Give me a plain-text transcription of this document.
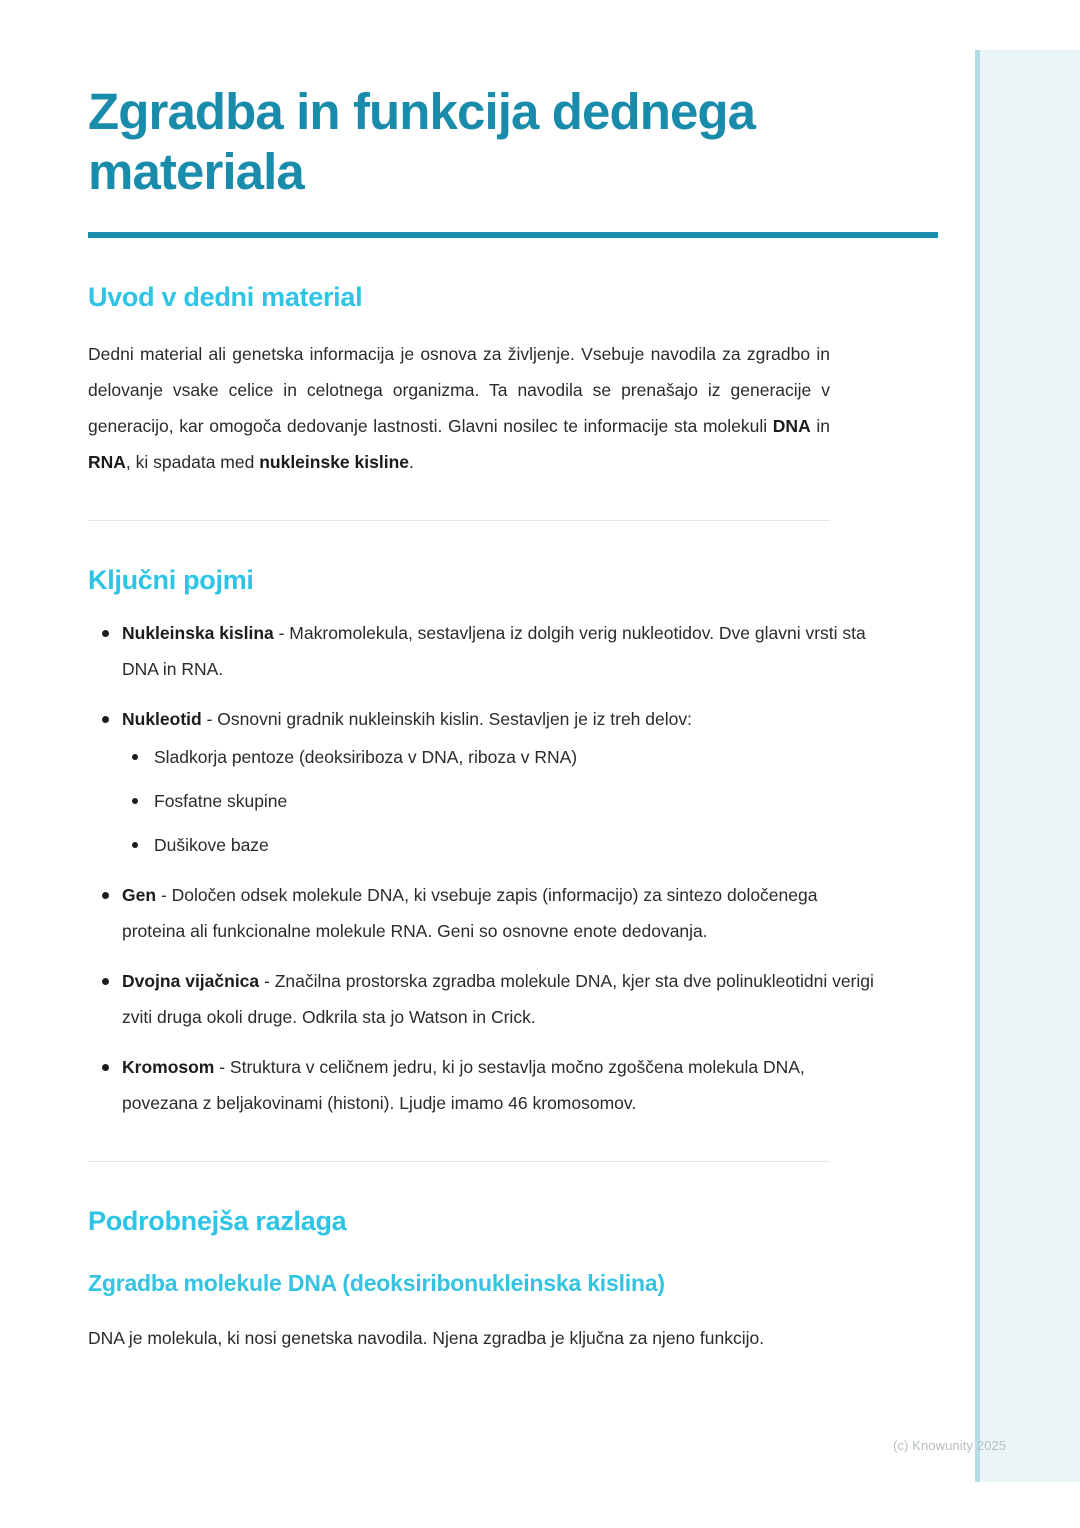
Zgradba in funkcija dednega materiala
Uvod v dedni material

Dedni material ali genetska informacija je osnova za življenje. Vsebuje navodila za zgradbo in delovanje vsake celice in celotnega organizma. Ta navodila se prenašajo iz generacije v generacijo, kar omogoča dedovanje lastnosti. Glavni nosilec te informacije sta molekuli DNA in RNA, ki spadata med nukleinske kisline.

Ključni pojmi
Nukleinska kislina - Makromolekula, sestavljena iz dolgih verig nukleotidov. Dve glavni vrsti sta DNA in RNA.
Nukleotid - Osnovni gradnik nukleinskih kislin. Sestavljen je iz treh delov:
Sladkorja pentoze (deoksiriboza v DNA, riboza v RNA)
Fosfatne skupine
Dušikove baze
Gen - Določen odsek molekule DNA, ki vsebuje zapis (informacijo) za sintezo določenega proteina ali funkcionalne molekule RNA. Geni so osnovne enote dedovanja.
Dvojna vijačnica - Značilna prostorska zgradba molekule DNA, kjer sta dve polinukleotidni verigi zviti druga okoli druge. Odkrila sta jo Watson in Crick.
Kromosom - Struktura v celičnem jedru, ki jo sestavlja močno zgoščena molekula DNA, povezana z beljakovinami (histoni). Ljudje imamo 46 kromosomov.
Podrobnejša razlaga
Zgradba molekule DNA (deoksiribonukleinska kislina)

DNA je molekula, ki nosi genetska navodila. Njena zgradba je ključna za njeno funkcijo.

(c) Knowunity 2025
